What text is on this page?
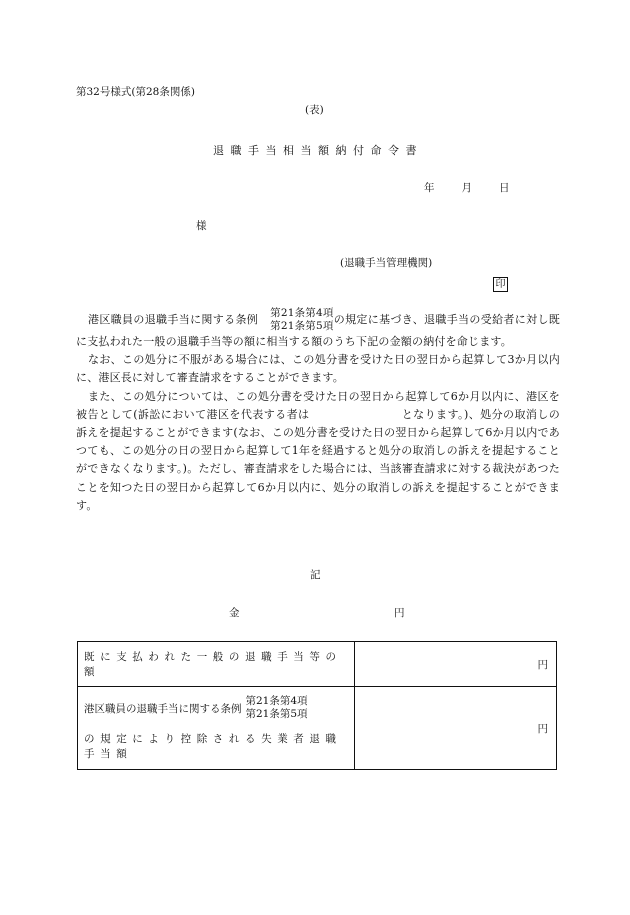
第32号様式(第28条関係)
(表)
退職手当相当額納付命令書
年	月	日
様
(退職手当管理機関)
印

港区職員の退職手当に関する条例	第21条第4項
第21条第5項 の規定に基づき、退職手当の受給者に対し既に支払われた一般の退職手当等の額に相当する額のうち下記の金額の納付を命じます。

なお、この処分に不服がある場合には、この処分書を受けた日の翌日から起算して3か月以内に、港区長に対して審査請求をすることができます。

また、この処分については、この処分書を受けた日の翌日から起算して6か月以内に、港区を被告として(訴訟において港区を代表する者は	となります。)、処分の取消しの訴えを提起することができます(なお、この処分書を受けた日の翌日から起算して6か月以内であつても、この処分の日の翌日から起算して1年を経過すると処分の取消しの訴えを提起することができなくなります。)。ただし、審査請求をした場合には、当該審査請求に対する裁決があつたことを知つた日の翌日から起算して6か月以内に、処分の取消しの訴えを提起することができます。

記
金	円
既に支払われた一般の退職手当等の額	円

港区職員の退職手当に関する条例
第21条第4項
第21条第5項
の規定により控除される失業者退職手当額	円
